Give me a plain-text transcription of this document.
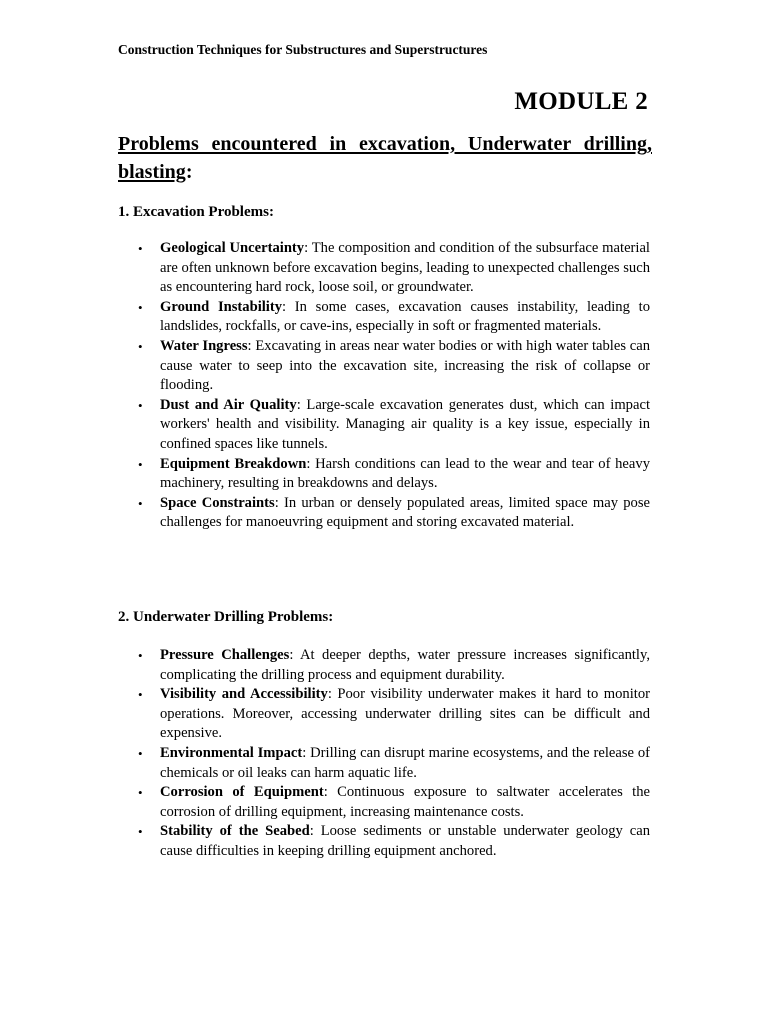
Construction Techniques for Substructures and Superstructures
MODULE 2
Problems encountered in excavation, Underwater drilling, blasting:
1. Excavation Problems:
•	Geological Uncertainty: The composition and condition of the subsurface material are often unknown before excavation begins, leading to unexpected challenges such as encountering hard rock, loose soil, or groundwater.
•	Ground Instability: In some cases, excavation causes instability, leading to landslides, rockfalls, or cave-ins, especially in soft or fragmented materials.
•	Water Ingress: Excavating in areas near water bodies or with high water tables can cause water to seep into the excavation site, increasing the risk of collapse or flooding.
•	Dust and Air Quality: Large-scale excavation generates dust, which can impact workers' health and visibility. Managing air quality is a key issue, especially in confined spaces like tunnels.
•	Equipment Breakdown: Harsh conditions can lead to the wear and tear of heavy machinery, resulting in breakdowns and delays.
•	Space Constraints: In urban or densely populated areas, limited space may pose challenges for manoeuvring equipment and storing excavated material.
2. Underwater Drilling Problems:
•	Pressure Challenges: At deeper depths, water pressure increases significantly, complicating the drilling process and equipment durability.
•	Visibility and Accessibility: Poor visibility underwater makes it hard to monitor operations. Moreover, accessing underwater drilling sites can be difficult and expensive.
•	Environmental Impact: Drilling can disrupt marine ecosystems, and the release of chemicals or oil leaks can harm aquatic life.
•	Corrosion of Equipment: Continuous exposure to saltwater accelerates the corrosion of drilling equipment, increasing maintenance costs.
•	Stability of the Seabed: Loose sediments or unstable underwater geology can cause difficulties in keeping drilling equipment anchored.
